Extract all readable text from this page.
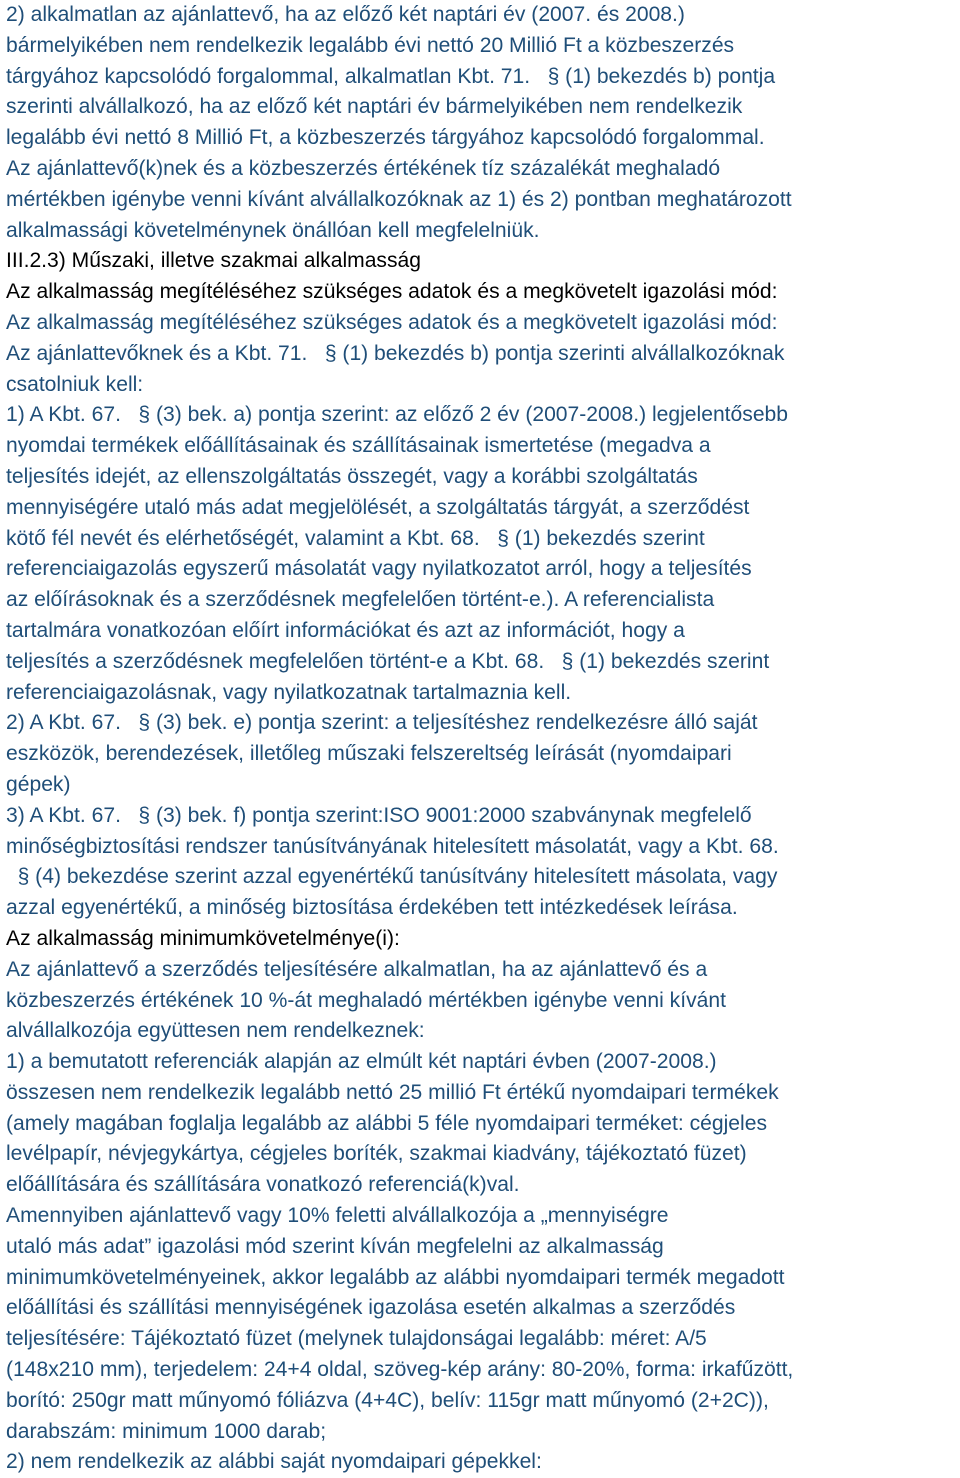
2) alkalmatlan az ajánlattevő, ha az előző két naptári év (2007. és 2008.)
bármelyikében nem rendelkezik legalább évi nettó 20 Millió Ft a közbeszerzés
tárgyához kapcsolódó forgalommal, alkalmatlan Kbt. 71. § (1) bekezdés b) pontja
szerinti alvállalkozó, ha az előző két naptári év bármelyikében nem rendelkezik
legalább évi nettó 8 Millió Ft, a közbeszerzés tárgyához kapcsolódó forgalommal.
Az ajánlattevő(k)nek és a közbeszerzés értékének tíz százalékát meghaladó
mértékben igénybe venni kívánt alvállalkozóknak az 1) és 2) pontban meghatározott
alkalmassági követelménynek önállóan kell megfelelniük.
III.2.3) Műszaki, illetve szakmai alkalmasság
Az alkalmasság megítéléséhez szükséges adatok és a megkövetelt igazolási mód:
Az alkalmasság megítéléséhez szükséges adatok és a megkövetelt igazolási mód:
Az ajánlattevőknek és a Kbt. 71. § (1) bekezdés b) pontja szerinti alvállalkozóknak
csatolniuk kell:
1) A Kbt. 67. § (3) bek. a) pontja szerint: az előző 2 év (2007-2008.) legjelentősebb
nyomdai termékek előállításainak és szállításainak ismertetése (megadva a
teljesítés idejét, az ellenszolgáltatás összegét, vagy a korábbi szolgáltatás
mennyiségére utaló más adat megjelölését, a szolgáltatás tárgyát, a szerződést
kötő fél nevét és elérhetőségét, valamint a Kbt. 68. § (1) bekezdés szerint
referenciaigazolás egyszerű másolatát vagy nyilatkozatot arról, hogy a teljesítés
az előírásoknak és a szerződésnek megfelelően történt-e.). A referencialista
tartalmára vonatkozóan előírt információkat és azt az információt, hogy a
teljesítés a szerződésnek megfelelően történt-e a Kbt. 68. § (1) bekezdés szerint
referenciaigazolásnak, vagy nyilatkozatnak tartalmaznia kell.
2) A Kbt. 67. § (3) bek. e) pontja szerint: a teljesítéshez rendelkezésre álló saját
eszközök, berendezések, illetőleg műszaki felszereltség leírását (nyomdaipari
gépek)
3) A Kbt. 67. § (3) bek. f) pontja szerint:ISO 9001:2000 szabványnak megfelelő
minőségbiztosítási rendszer tanúsítványának hitelesített másolatát, vagy a Kbt. 68.
§ (4) bekezdése szerint azzal egyenértékű tanúsítvány hitelesített másolata, vagy
azzal egyenértékű, a minőség biztosítása érdekében tett intézkedések leírása.
Az alkalmasság minimumkövetelménye(i):
Az ajánlattevő a szerződés teljesítésére alkalmatlan, ha az ajánlattevő és a
közbeszerzés értékének 10 %-át meghaladó mértékben igénybe venni kívánt
alvállalkozója együttesen nem rendelkeznek:
1) a bemutatott referenciák alapján az elmúlt két naptári évben (2007-2008.)
összesen nem rendelkezik legalább nettó 25 millió Ft értékű nyomdaipari termékek
(amely magában foglalja legalább az alábbi 5 féle nyomdaipari terméket: cégjeles
levélpapír, névjegykártya, cégjeles boríték, szakmai kiadvány, tájékoztató füzet)
előállítására és szállítására vonatkozó referenciá(k)val.
Amennyiben ajánlattevő vagy 10% feletti alvállalkozója a „mennyiségre
utaló más adat” igazolási mód szerint kíván megfelelni az alkalmasság
minimumkövetelményeinek, akkor legalább az alábbi nyomdaipari termék megadott
előállítási és szállítási mennyiségének igazolása esetén alkalmas a szerződés
teljesítésére: Tájékoztató füzet (melynek tulajdonságai legalább: méret: A/5
(148x210 mm), terjedelem: 24+4 oldal, szöveg-kép arány: 80-20%, forma: irkafűzött,
borító: 250gr matt műnyomó fóliázva (4+4C), belív: 115gr matt műnyomó (2+2C)),
darabszám: minimum 1000 darab;
2) nem rendelkezik az alábbi saját nyomdaipari gépekkel:
